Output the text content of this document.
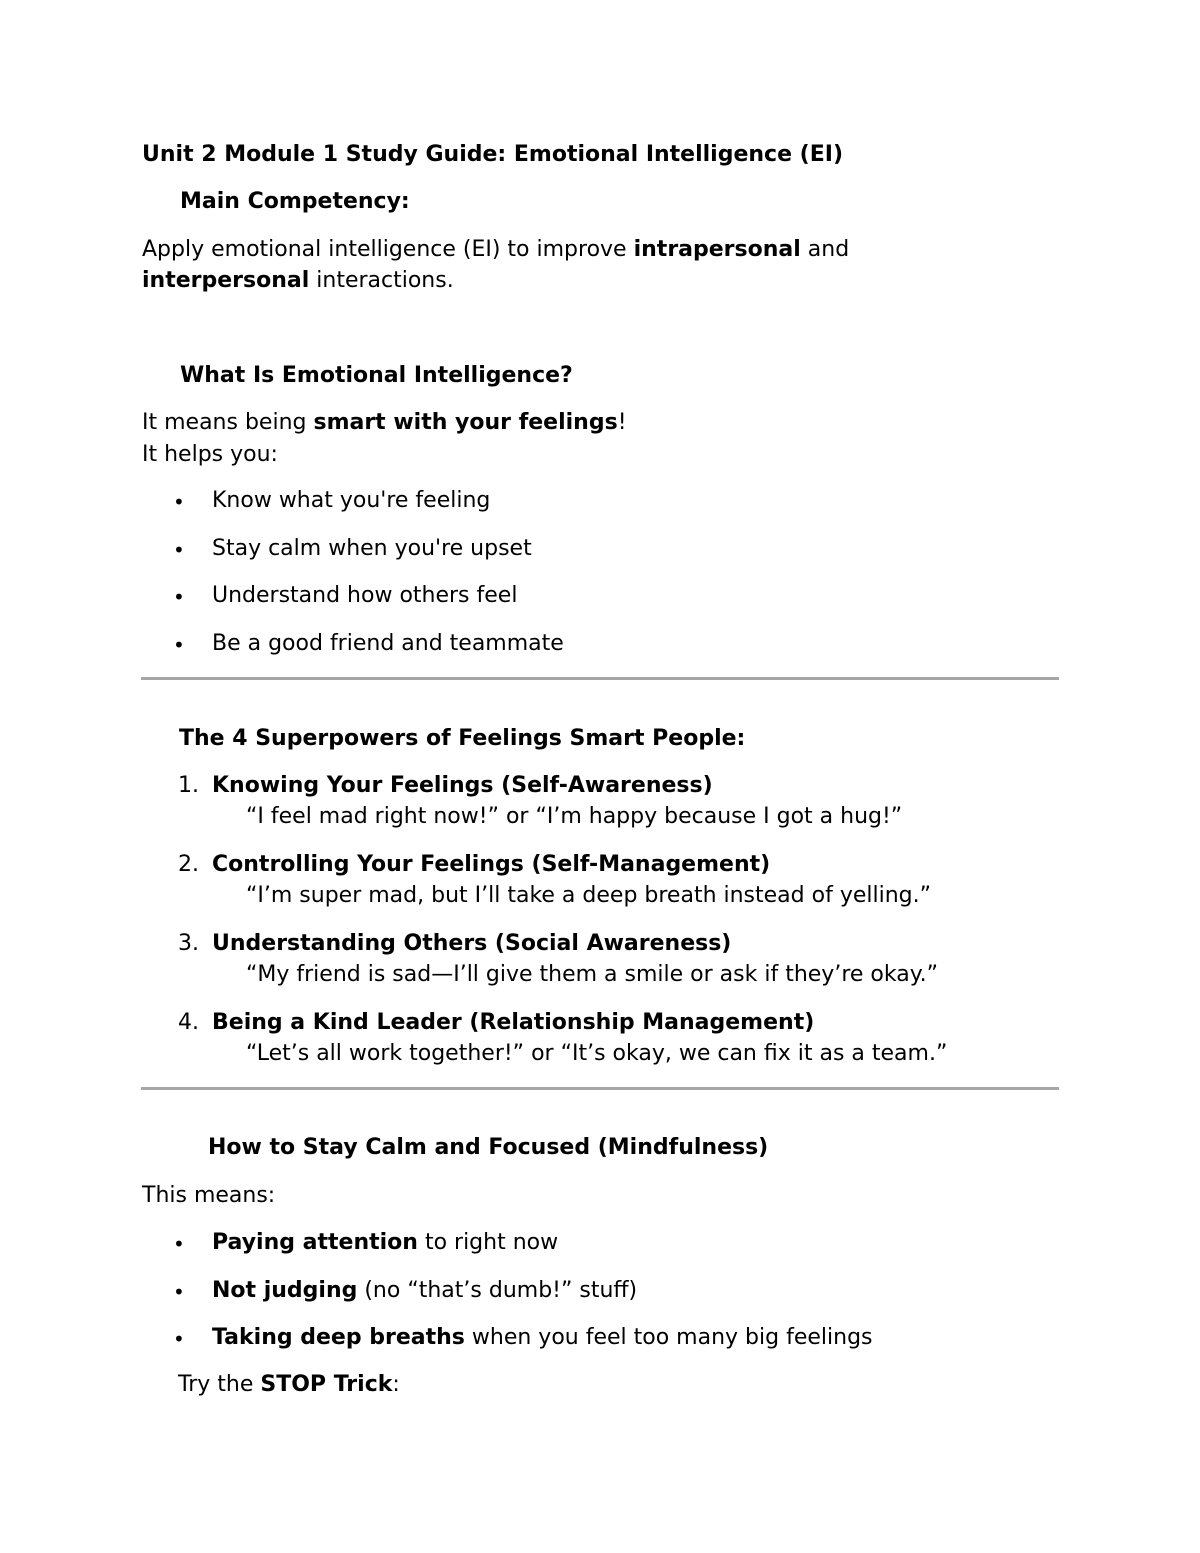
Unit 2 Module 1 Study Guide: Emotional Intelligence (EI)
Main Competency:
Apply emotional intelligence (EI) to improve intrapersonal and
interpersonal interactions.
What Is Emotional Intelligence?
It means being smart with your feelings!
It helps you:
• Know what you're feeling
• Stay calm when you're upset
• Understand how others feel
• Be a good friend and teammate
The 4 Superpowers of Feelings Smart People:
1. Knowing Your Feelings (Self-Awareness)
“I feel mad right now!” or “I’m happy because I got a hug!”
2. Controlling Your Feelings (Self-Management)
“I’m super mad, but I’ll take a deep breath instead of yelling.”
3. Understanding Others (Social Awareness)
“My friend is sad—I’ll give them a smile or ask if they’re okay.”
4. Being a Kind Leader (Relationship Management)
“Let’s all work together!” or “It’s okay, we can fix it as a team.”
How to Stay Calm and Focused (Mindfulness)
This means:
• Paying attention to right now
• Not judging (no “that’s dumb!” stuff)
• Taking deep breaths when you feel too many big feelings
Try the STOP Trick:
